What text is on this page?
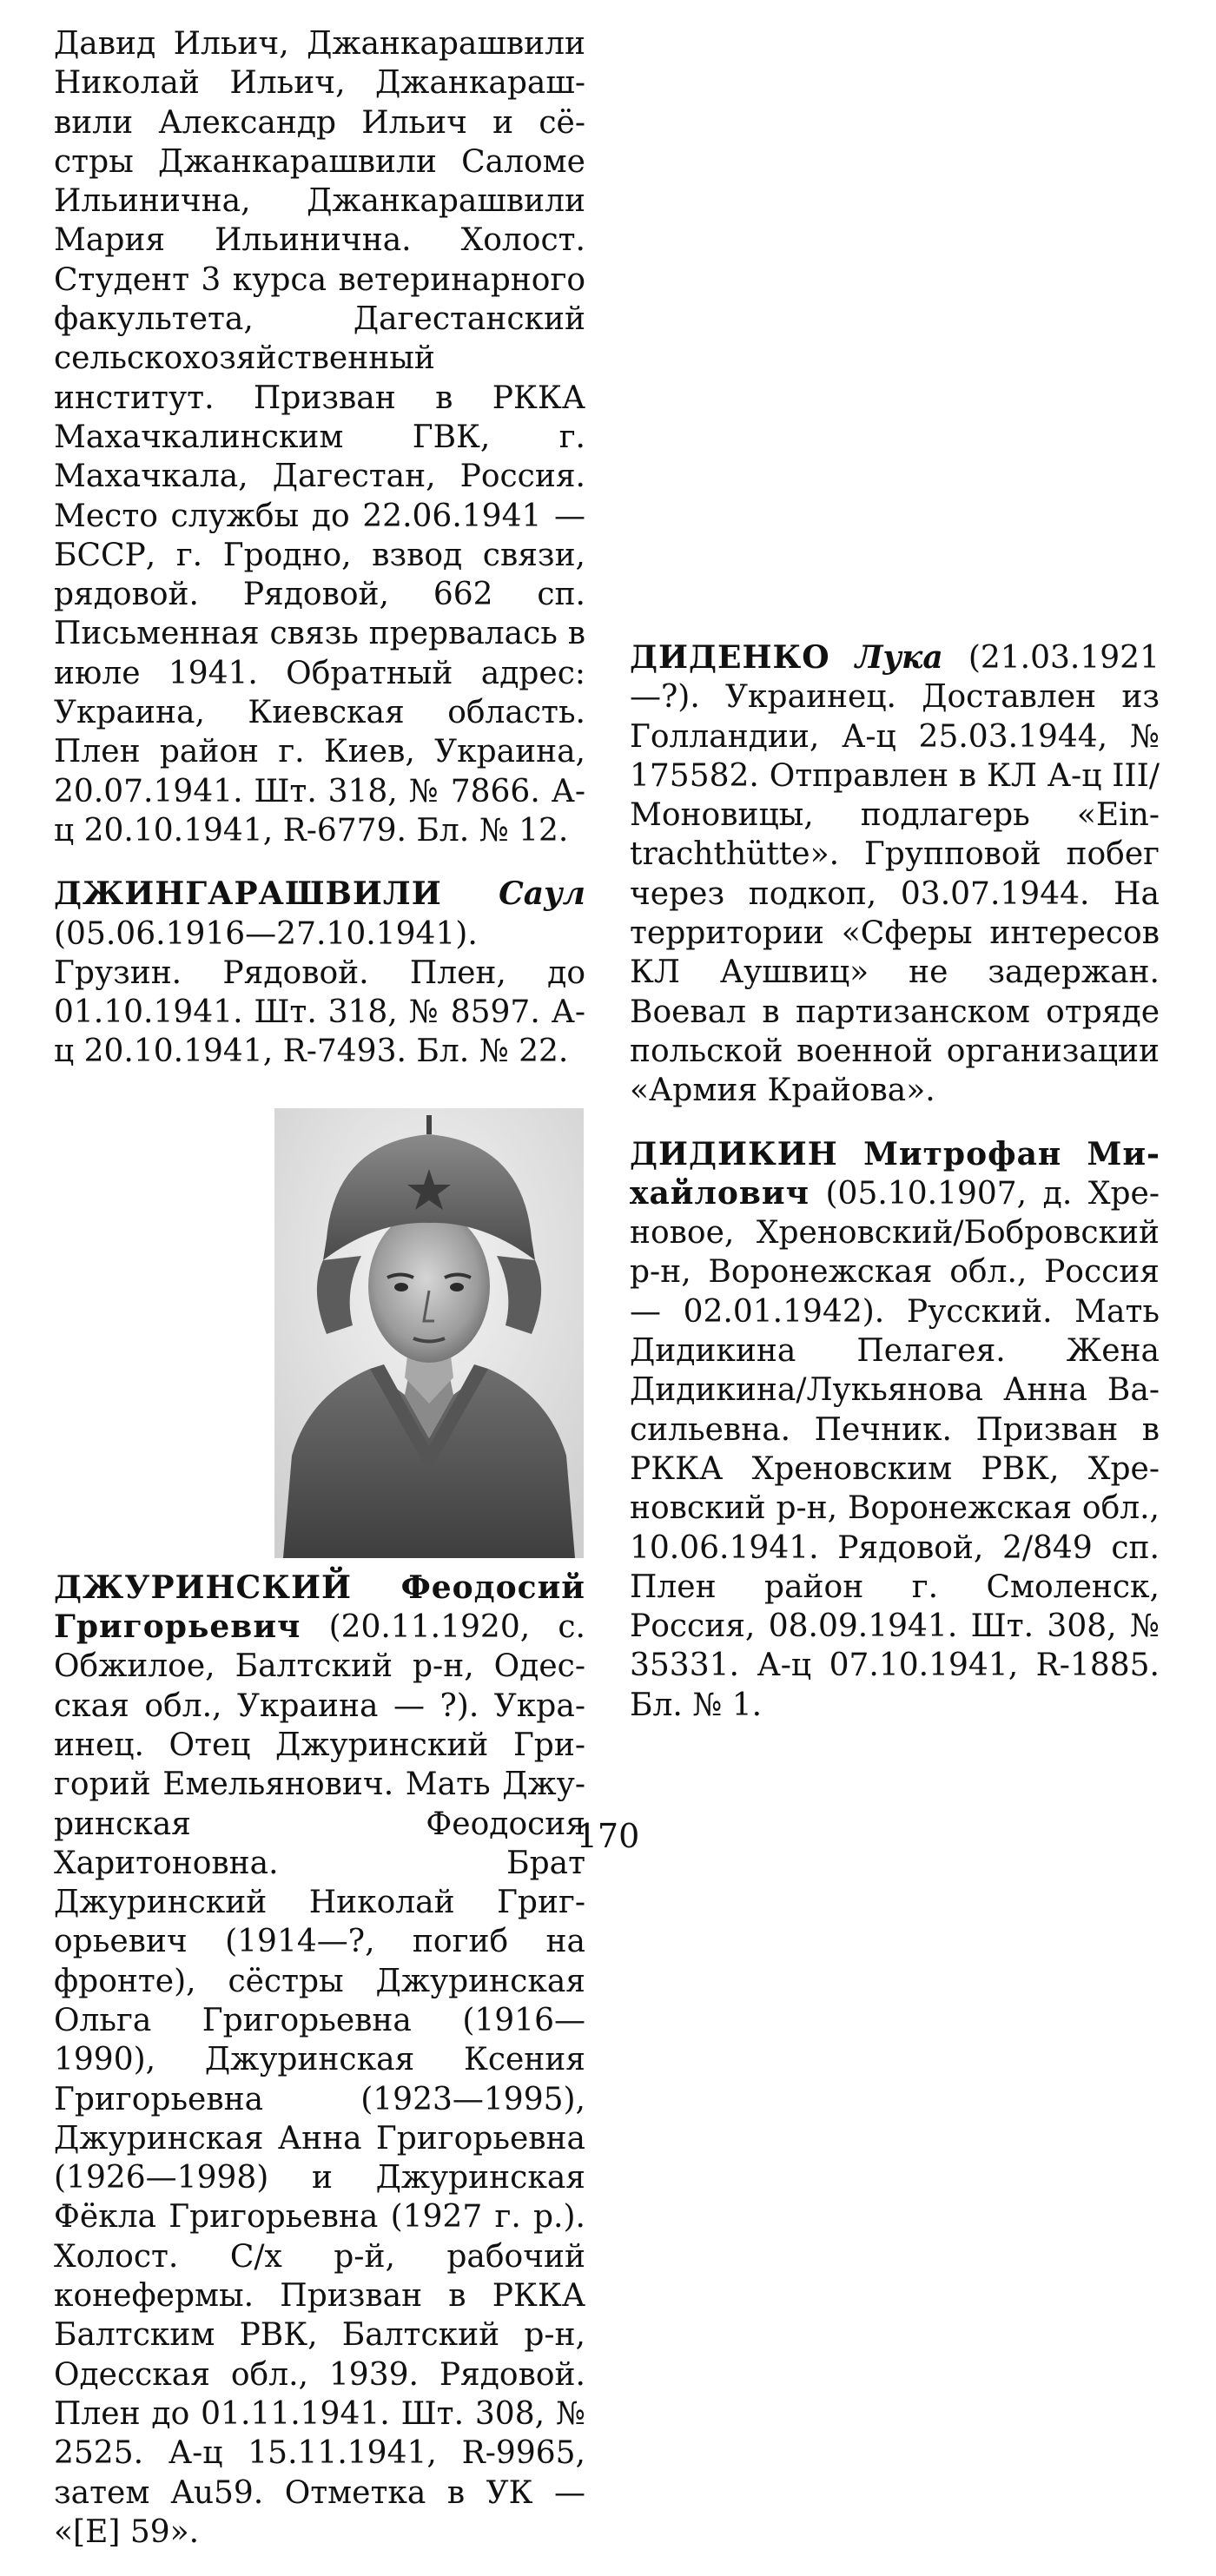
Давид Ильич, Джанкарашвили Николай Ильич, Джанкарашвили Александр Ильич и сёстры Джанкарашвили Саломе Ильинична, Джанкарашвили Мария Ильинична. Холост. Студент 3 курса ветеринарного факультета, Дагестанский сельскохозяйственный институт. Призван в РККА Махачкалинским ГВК, г. Махачкала, Дагестан, Россия. Место службы до 22.06.1941 — БССР, г. Гродно, взвод связи, рядовой. Рядовой, 662 сп. Письменная связь прервалась в июле 1941. Обратный адрес: Украина, Киевская область. Плен район г. Киев, Украина, 20.07.1941. Шт. 318, № 7866. А-ц 20.10.1941, R-6779. Бл. № 12.

ДЖИНГАРАШВИЛИ Саул (05.06.1916—27.10.1941). Грузин. Рядовой. Плен, до 01.10.1941. Шт. 318, № 8597. А-ц 20.10.1941, R-7493. Бл. № 22.

ДЖУРИНСКИЙ Феодосий Григорьевич (20.11.1920, с. Обжилое, Балтский р-н, Одесская обл., Украина — ?). Украинец. Отец Джуринский Григорий Емельянович. Мать Джуринская Феодосия Харитоновна. Брат Джуринский Николай Григорьевич (1914—?, погиб на фронте), сёстры Джуринская Ольга Григорьевна (1916—1990), Джуринская Ксения Григорьевна (1923—1995), Джуринская Анна Григорьевна (1926—1998) и Джуринская Фёкла Григорьевна (1927 г. р.). Холост. С/х р-й, рабочий конефермы. Призван в РККА Балтским РВК, Балтский р-н, Одесская обл., 1939. Рядовой. Плен до 01.11.1941. Шт. 308, № 2525. А-ц 15.11.1941, R-9965, затем Au59. Отметка в УК — «[E] 59».

ДИДЕНКО Лука (21.03.1921—?). Украинец. Доставлен из Голландии, А-ц 25.03.1944, № 175582. Отправлен в КЛ А-ц III/Моновицы, подлагерь «Eintrachthütte». Групповой побег через подкоп, 03.07.1944. На территории «Сферы интересов КЛ Аушвиц» не задержан. Воевал в партизанском отряде польской военной организации «Армия Крайова».

ДИДИКИН Митрофан Михайлович (05.10.1907, д. Хреновое, Хреновский/Бобровский р-н, Воронежская обл., Россия — 02.01.1942). Русский. Мать Дидикина Пелагея. Жена Дидикина/Лукьянова Анна Васильевна. Печник. Призван в РККА Хреновским РВК, Хреновский р-н, Воронежская обл., 10.06.1941. Рядовой, 2/849 сп. Плен район г. Смоленск, Россия, 08.09.1941. Шт. 308, № 35331. А-ц 07.10.1941, R-1885. Бл. № 1.

170
